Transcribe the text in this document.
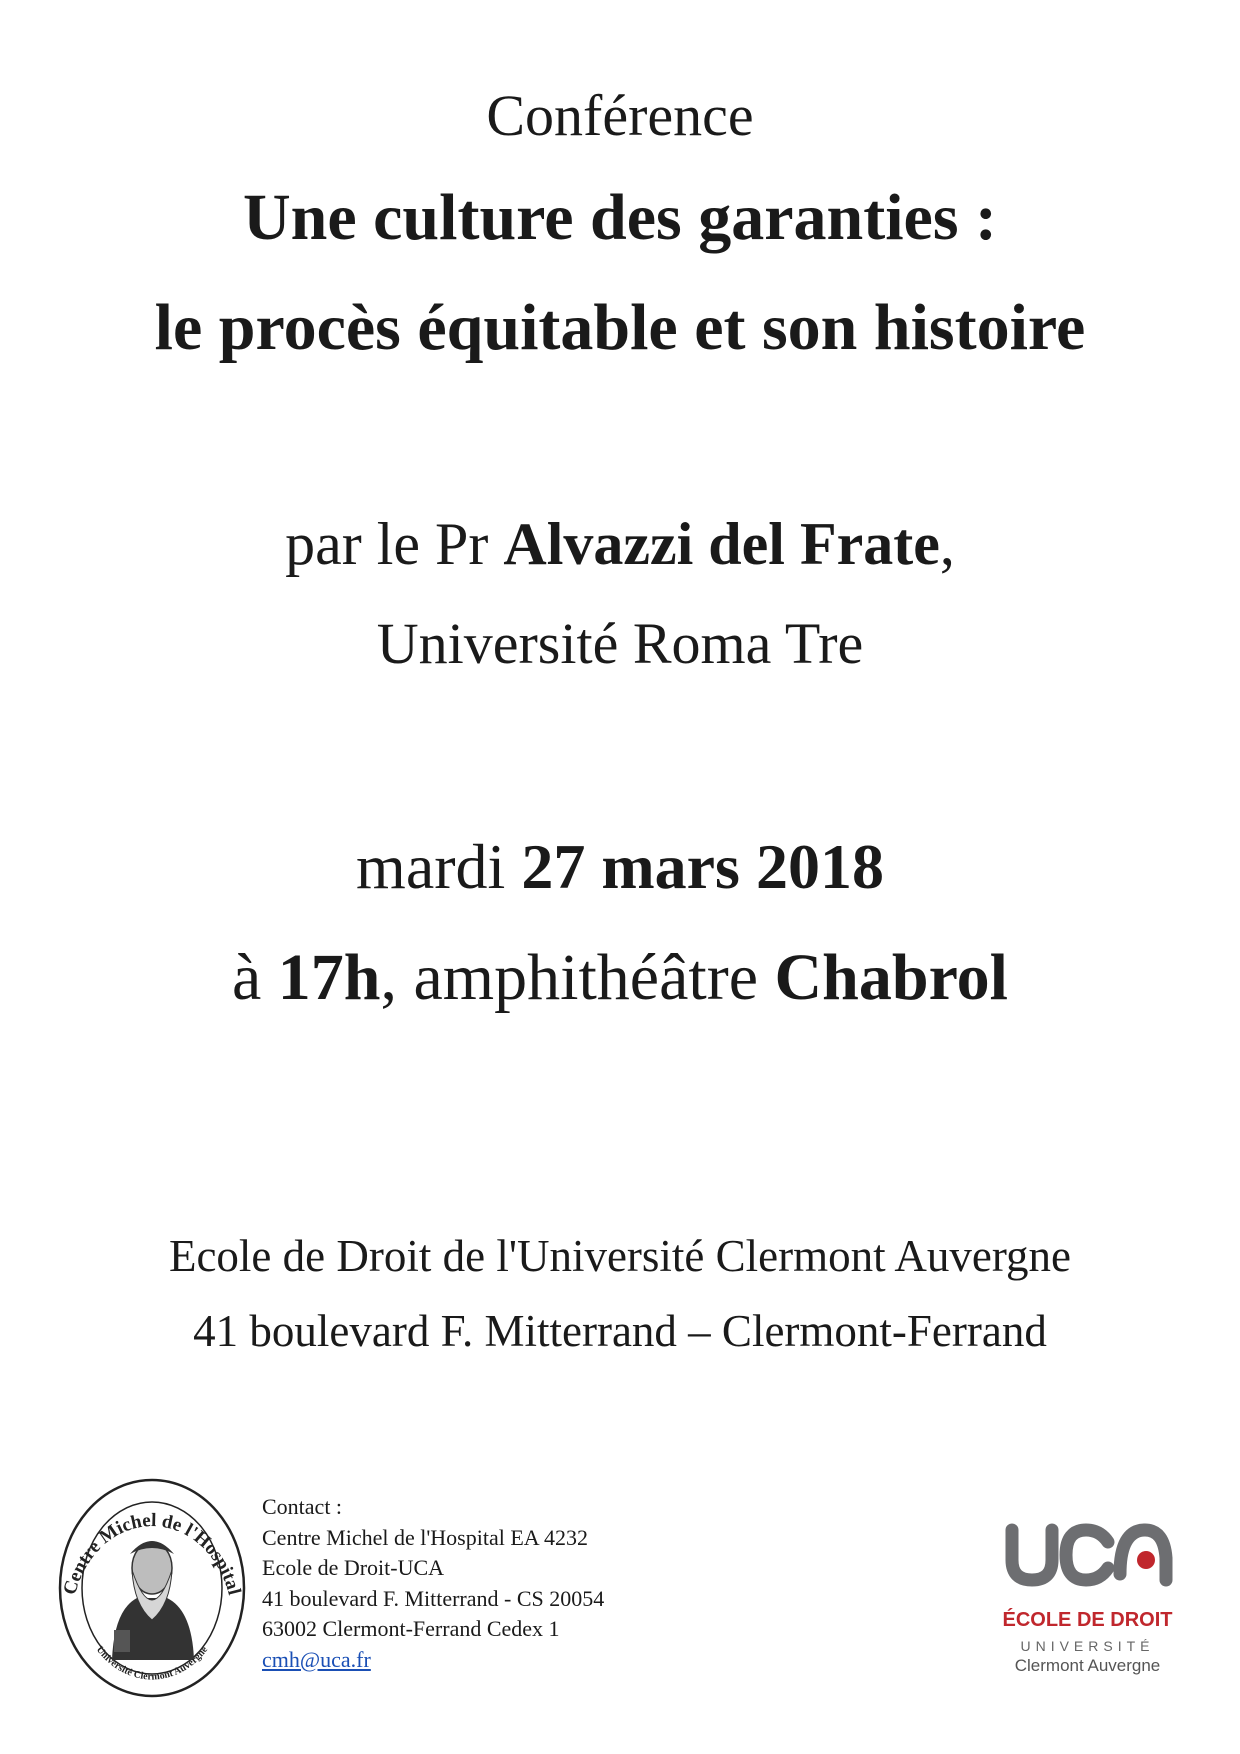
Conférence
Une culture des garanties :
le procès équitable et son histoire
par le Pr Alvazzi del Frate,
Université Roma Tre
mardi 27 mars 2018
à 17h, amphithéâtre Chabrol
Ecole de Droit de l'Université Clermont Auvergne
41 boulevard F. Mitterrand – Clermont-Ferrand
Centre Michel de l'Hospital
Université Clermont Auvergne
Contact :
Centre Michel de l'Hospital EA 4232
Ecole de Droit-UCA
41 boulevard F. Mitterrand - CS 20054
63002 Clermont-Ferrand Cedex 1
cmh@uca.fr
ÉCOLE DE DROIT
UNIVERSITÉ
Clermont Auvergne
